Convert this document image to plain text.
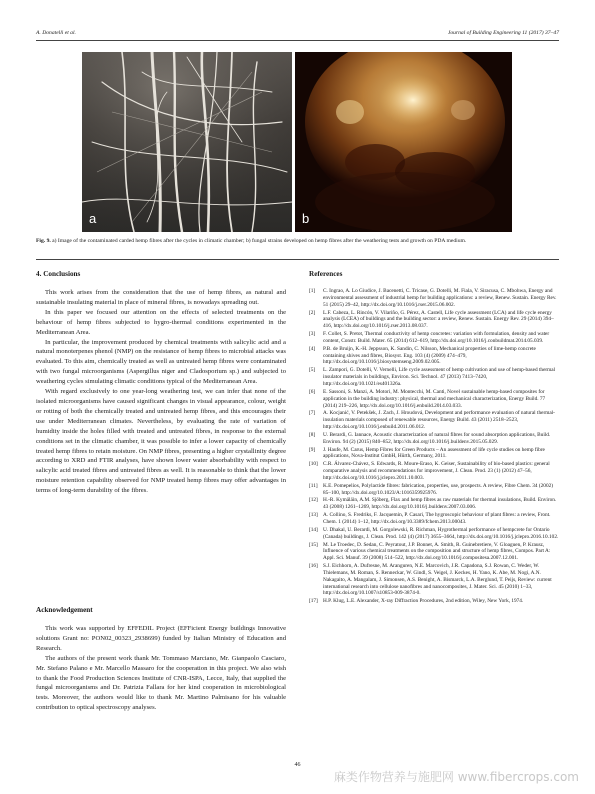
A. Donatelli et al.	Journal of Building Engineering 11 (2017) 37–47
a	b
Fig. 9. a) Image of the contaminated carded hemp fibres after the cycles in climatic chamber; b) fungal strains developed on hemp fibres after the weathering tests and growth on PDA medium.
4. Conclusions

This work arises from the consideration that the use of hemp fibres, as natural and sustainable insulating material in place of mineral fibres, is nowadays spreading out.

In this paper we focused our attention on the effects of selected treatments on the behaviour of hemp fibres subjected to hygro-thermal conditions experimented in the Mediterranean Area.

In particular, the improvement produced by chemical treatments with salicylic acid and a natural monoterpenes phenol (NMP) on the resistance of hemp fibres to microbial attacks was evaluated. To this aim, chemically treated as well as untreated hemp fibres were contaminated with two fungal microorganisms (Aspergillus niger and Cladosporium sp.) and subjected to weathering cycles simulating climatic conditions typical of the Mediterranean Area.

With regard exclusively to one year-long weathering test, we can infer that none of the isolated microorganisms have caused significant changes in visual appearance, colour, weight or rotting of both the chemically treated and untreated hemp fibres, and this encourages their use under Mediterranean climates. Nevertheless, by evaluating the rate of variation of humidity inside the holes filled with treated and untreated fibres, in response to the external conditions set in the climatic chamber, it was possible to infer a lower capacity of chemically treated hemp fibres to retain moisture. On NMP fibres, presenting a higher crystallinity degree according to XRD and FTIR analyses, have shown lower water absorbability with respect to salicylic acid treated fibres and untreated fibres as well. It is reasonable to think that the lower moisture retention capability observed for NMP treated hemp fibres may offer advantages in terms of long-term durability of the fibres.

Acknowledgement

This work was supported by EFFEDIL Project (EFFicient Energy buildings Innovative solutions Grant no: PON02_00323_2938699) funded by Italian Ministry of Education and Research.

The authors of the present work thank Mr. Tommaso Marciano, Mr. Gianpaolo Casciaro, Mr. Stefano Palano e Mr. Marcello Massaro for the cooperation in this project. We also wish to thank the Food Production Sciences Institute of CNR-ISPA, Lecce, Italy, that supplied the fungal microorganisms and Dr. Patrizia Fallara for her kind cooperation in microbiological tests. Moreover, the authors would like to thank Mr. Martino Palmisano for his valuable contribution to optical spectroscopy analyses.

References
[1]	C. Ingrao, A. Lo Giudice, J. Bacenetti, C. Tricase, G. Dotelli, M. Fiala, V. Siracusa, C. Mbohwa, Energy and environmental assessment of industrial hemp for building applications: a review, Renew. Sustain. Energy Rev. 51 (2015) 29–42, http://dx.doi.org/10.1016/j.rser.2015.06.002.
[2]	L.F. Cabeza, L. Rincón, V. Vilariño, G. Pérez, A. Castell, Life cycle assessment (LCA) and life cycle energy analysis (LCEA) of buildings and the building sector: a review, Renew. Sustain. Energy Rev. 29 (2014) 394–416, http://dx.doi.org/10.1016/j.rser.2013.08.037.
[3]	F. Collet, S. Pretot, Thermal conductivity of hemp concretes: variation with formulation, density and water content, Constr. Build. Mater. 65 (2014) 612–619, http://dx.doi.org/10.1016/j.conbuildmat.2014.05.039.
[4]	P.B. de Bruijn, K.-H. Jeppsson, K. Sandin, C. Nilsson, Mechanical properties of lime-hemp concrete containing shives and fibres, Biosyst. Eng. 103 (4) (2009) 474–479, http://dx.doi.org/10.1016/j.biosystemseng.2009.02.005.
[5]	L. Zampori, G. Dotelli, V. Vernelli, Life cycle assessment of hemp cultivation and use of hemp-based thermal insulator materials in buildings, Environ. Sci. Technol. 47 (2013) 7413–7420, http://dx.doi.org/10.1021/es401326a.
[6]	E. Sassoni, S. Manzi, A. Motori, M. Montecchi, M. Canti, Novel sustainable hemp-based composites for application in the building industry: physical, thermal and mechanical characterization, Energy Build. 77 (2014) 219–226, http://dx.doi.org/10.1016/j.enbuild.2014.03.033.
[7]	A. Kocjanić, V. Petekšek, J. Zach, J. Hroudová, Development and performance evaluation of natural thermal-insulation materials composed of renewable resources, Energy Build. 43 (2011) 2518–2523, http://dx.doi.org/10.1016/j.enbuild.2011.06.012.
[8]	U. Berardi, G. Iannace, Acoustic characterization of natural fibres for sound absorption applications, Build. Environ. 94 (2) (2015) 840–852, http://dx.doi.org/10.1016/j.buildenv.2015.05.029.
[9]	J. Haufe, M. Carus, Hemp Fibres for Green Products – An assessment of life cycle studies on hemp fibre applications, Nova-Institut GmbH, Hürth, Germany, 2011.
[10] C.R. Álvarez-Chávez, S. Edwards, R. Moure-Eraso, K. Geiser, Sustainability of bio-based plastics: general comparative analysis and recommendations for improvement, J. Clean. Prod. 23 (1) (2012) 47–56, http://dx.doi.org/10.1016/j.jclepro.2011.10.003.
[11]	K.E. Pomepelios, Polylactide fibres: fabrication, properties, use, prospects. A review, Fibre Chem. 34 (2002) 85–100, http://dx.doi.org/10.1023/A:1016359925976.
[12] H.-R. Kymäläin, A.M. Sjöberg, Flax and hemp fibres as raw materials for thermal insulations, Build. Environ. 43 (2008) 1261–1269, http://dx.doi.org/10.1016/j.buildenv.2007.03.006.
[13] A. Collino, S. Fredriks, F. Jacquemin, P. Casari, The hygroscopic behaviour of plant fibres: a review, Front. Chem. 1 (2014) 1–12, http://dx.doi.org/10.3389/fchem.2013.00043.
[14] U. Dhakal, U. Berardi, M. Gorgolewski, R. Richman, Hygrothermal performance of hempcrete for Ontario (Canada) buildings, J. Clean. Prod. 142 (4) (2017) 3655–3664, http://dx.doi.org/10.1016/j.jclepro.2016.10.102.
[15] M. Le Troedec, D. Sedan, C. Peyratout, J.P. Bonnet, A. Smith, R. Guinebretiere, V. Gloaguen, P. Krausz, Influence of various chemical treatments on the composition and structure of hemp fibres, Compos. Part A: Appl. Sci. Manuf. 39 (2008) 514–522, http://dx.doi.org/10.1016/j.compositesa.2007.12.001.
[16] S.J. Eichhorn, A. Dufresne, M. Aranguren, N.E. Marcovich, J.R. Capadona, S.J. Rowan, C. Weder, W. Thielemans, M. Roman, S. Renneckar, W. Gindl, S. Veigel, J. Keckes, H. Yano, K. Abe, M. Nogi, A.N. Nakagaito, A. Mangalam, J. Simonsen, A.S. Benight, A. Bismarck, L.A. Berglund, T. Peijs, Review: current international research into cellulose nanofibres and nanocomposites, J. Mater. Sci. 45 (2010) 1–33, http://dx.doi.org/10.1007/s10853-009-3874-0.
[17] H.P. Klug, L.E. Alexander, X-ray Diffraction Procedures, 2nd edition, Wiley, New York, 1974.
46
麻类作物营养与施肥网 www.fibercrops.com
